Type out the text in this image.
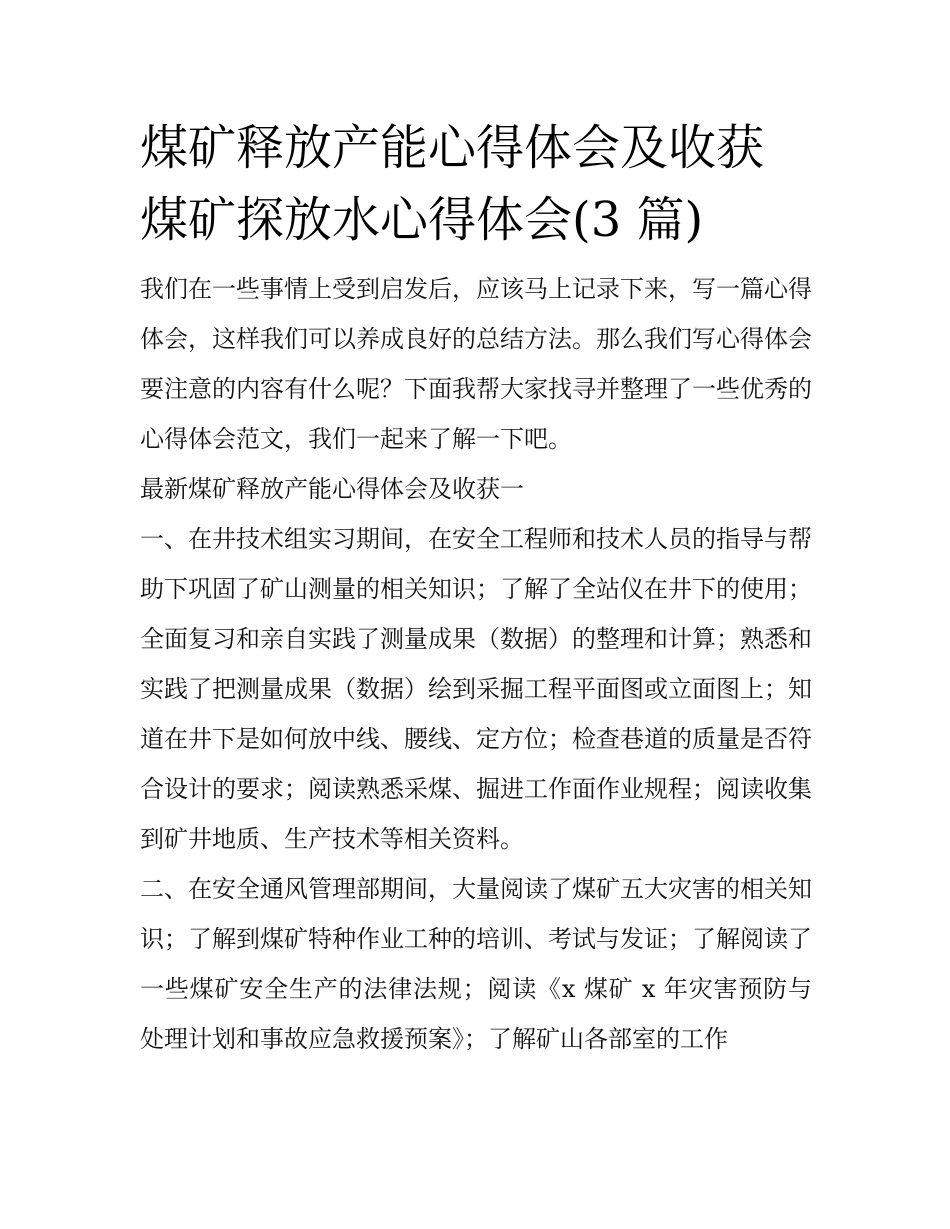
煤矿释放产能心得体会及收获
煤矿探放水心得体会(3 篇)

我们在一些事情上受到启发后，应该马上记录下来，写一篇心得体会，这样我们可以养成良好的总结方法。那么我们写心得体会要注意的内容有什么呢？下面我帮大家找寻并整理了一些优秀的心得体会范文，我们一起来了解一下吧。

最新煤矿释放产能心得体会及收获一

一、在井技术组实习期间，在安全工程师和技术人员的指导与帮助下巩固了矿山测量的相关知识；了解了全站仪在井下的使用；全面复习和亲自实践了测量成果（数据）的整理和计算；熟悉和实践了把测量成果（数据）绘到采掘工程平面图或立面图上；知道在井下是如何放中线、腰线、定方位；检查巷道的质量是否符合设计的要求；阅读熟悉采煤、掘进工作面作业规程；阅读收集到矿井地质、生产技术等相关资料。

二、在安全通风管理部期间，大量阅读了煤矿五大灾害的相关知识；了解到煤矿特种作业工种的培训、考试与发证；了解阅读了一些煤矿安全生产的法律法规；阅读《x 煤矿 x 年灾害预防与处理计划和事故应急救援预案》；了解矿山各部室的工作
